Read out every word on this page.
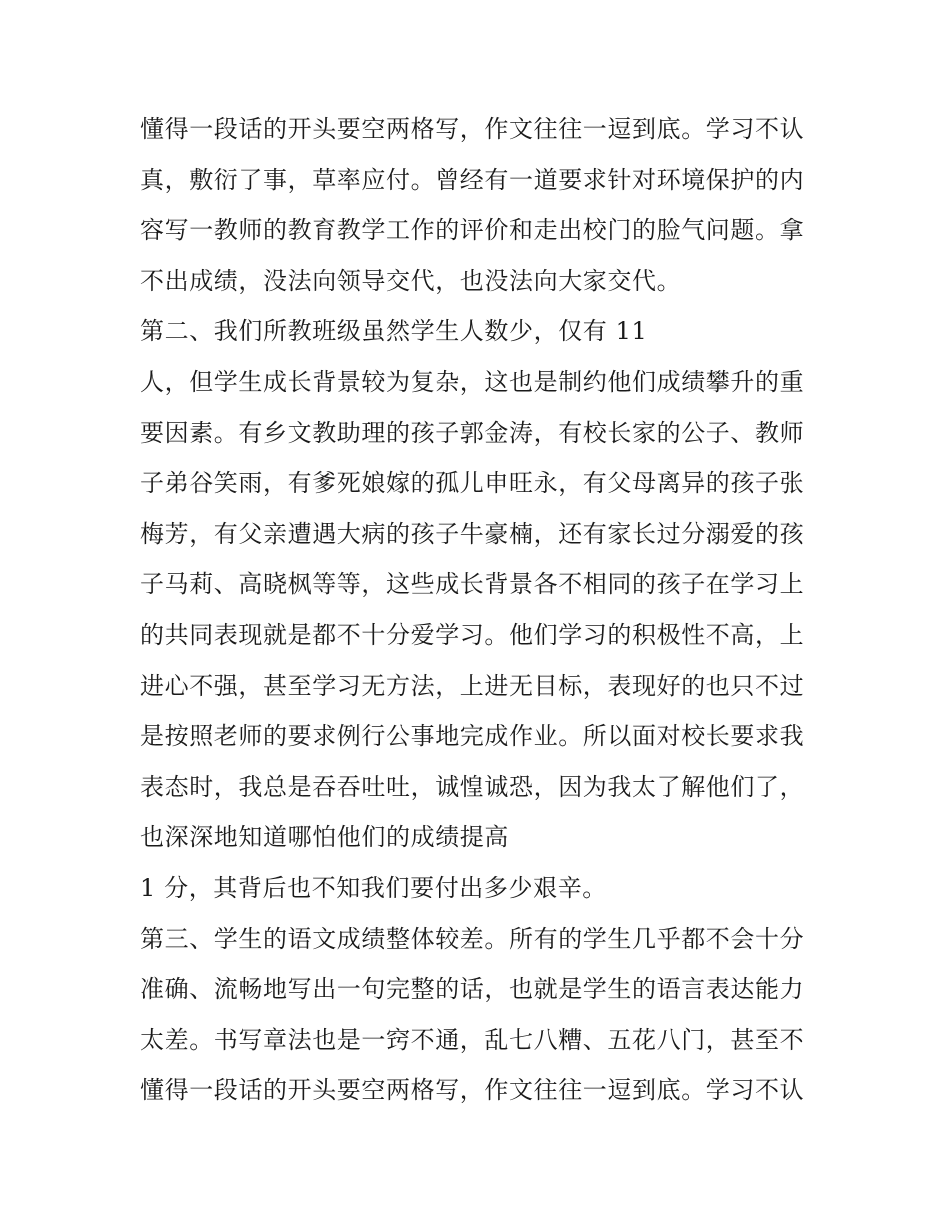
懂得一段话的开头要空两格写，作文往往一逗到底。学习不认
真，敷衍了事，草率应付。曾经有一道要求针对环境保护的内
容写一教师的教育教学工作的评价和走出校门的脸气问题。拿
不出成绩，没法向领导交代，也没法向大家交代。
第二、我们所教班级虽然学生人数少，仅有 11
人，但学生成长背景较为复杂，这也是制约他们成绩攀升的重
要因素。有乡文教助理的孩子郭金涛，有校长家的公子、教师
子弟谷笑雨，有爹死娘嫁的孤儿申旺永，有父母离异的孩子张
梅芳，有父亲遭遇大病的孩子牛豪楠，还有家长过分溺爱的孩
子马莉、高晓枫等等，这些成长背景各不相同的孩子在学习上
的共同表现就是都不十分爱学习。他们学习的积极性不高，上
进心不强，甚至学习无方法，上进无目标，表现好的也只不过
是按照老师的要求例行公事地完成作业。所以面对校长要求我
表态时，我总是吞吞吐吐，诚惶诚恐，因为我太了解他们了，
也深深地知道哪怕他们的成绩提高
1 分，其背后也不知我们要付出多少艰辛。
第三、学生的语文成绩整体较差。所有的学生几乎都不会十分
准确、流畅地写出一句完整的话，也就是学生的语言表达能力
太差。书写章法也是一窍不通，乱七八糟、五花八门，甚至不
懂得一段话的开头要空两格写，作文往往一逗到底。学习不认
